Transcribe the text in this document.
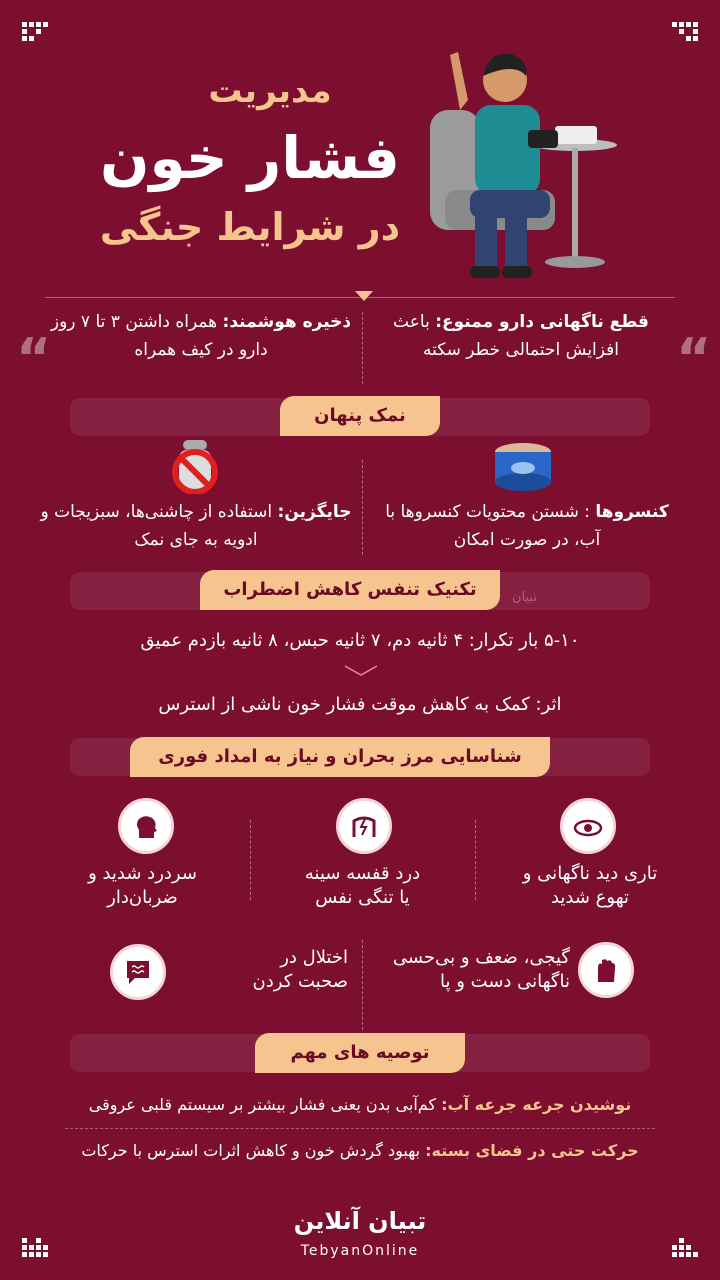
مدیریت
فشار خون
در شرایط جنگی
“	“
قطع ناگهانی دارو ممنوع: باعث افزایش احتمالی خطر سکته
ذخیره هوشمند: همراه داشتن ۳ تا ۷ روز دارو در کیف همراه
نمک پنهان
کنسروها : شستن محتویات کنسروها با آب، در صورت امکان
جایگزین: استفاده از چاشنی‌ها، سبزیجات و ادویه به جای نمک
تکنیک تنفس کاهش اضطراب	تبیان
۵-۱۰ بار تکرار: ۴ ثانیه دم، ۷ ثانیه حبس، ۸ ثانیه بازدم عمیق
اثر: کمک به کاهش موقت فشار خون ناشی از استرس
شناسایی مرز بحران و نیاز به امداد فوری
تاری دید ناگهانی و
تهوع شدید
درد قفسه سینه
یا تنگی نفس
سردرد شدید و
ضربان‌دار
گیجی، ضعف و بی‌حسی
ناگهانی دست و پا
اختلال در
صحبت کردن
توصیه های مهم
نوشیدن جرعه جرعه آب: کم‌آبی بدن یعنی فشار بیشتر بر سیستم قلبی عروقی
حرکت حتی در فضای بسته: بهبود گردش خون و کاهش اثرات استرس با حرکات
تبیان آنلاین
TebyanOnline
